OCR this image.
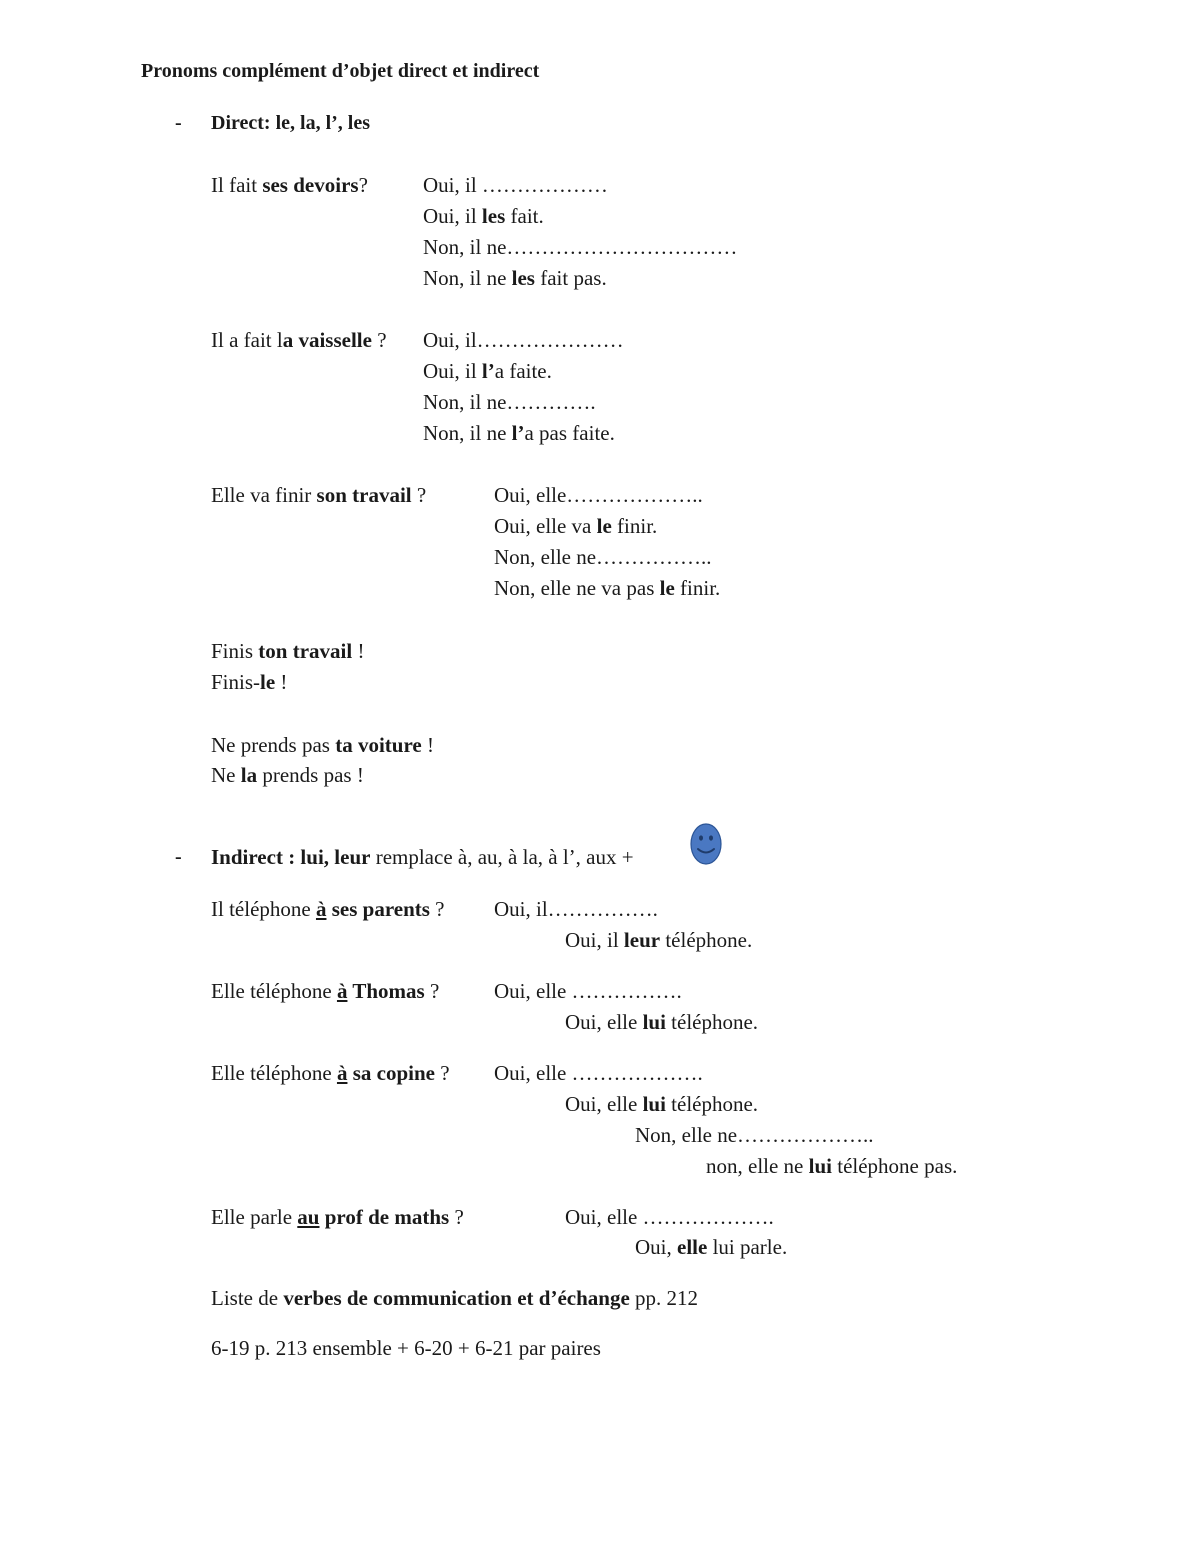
Pronoms complément d’objet direct et indirect
- Direct: le, la, l’, les
Il fait ses devoirs?	Oui, il ………………
Oui, il les fait.
Non, il ne……………………………
Non, il ne les fait pas.
Il a fait la vaisselle ? Oui, il…………………
Oui, il l’a faite.
Non, il ne………….
Non, il ne l’a pas faite.
Elle va finir son travail ?	Oui, elle………………..
Oui, elle va le finir.
Non, elle ne……………..
Non, elle ne va pas le finir.
Finis ton travail !
Finis-le !
Ne prends pas ta voiture !
Ne la prends pas !
- Indirect : lui, leur remplace à, au, à la, à l’, aux +
Il téléphone à ses parents ? Oui, il…………….
Oui, il leur téléphone.
Elle téléphone à Thomas ?	Oui, elle …………….
Oui, elle lui téléphone.
Elle téléphone à sa copine ? Oui, elle ……………….
Oui, elle lui téléphone.
Non, elle ne………………..
non, elle ne lui téléphone pas.
Elle parle au prof de maths ?	Oui, elle ……………….
Oui, elle lui parle.
Liste de verbes de communication et d’échange pp. 212
6-19 p. 213 ensemble + 6-20 + 6-21 par paires
